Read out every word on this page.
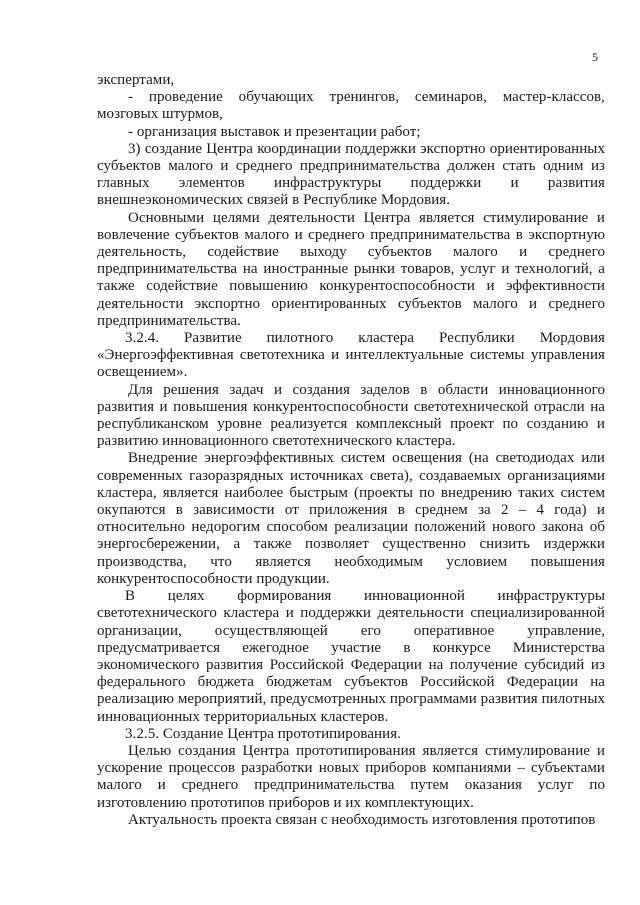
5

экспертами,

- проведение обучающих тренингов, семинаров, мастер-классов, мозговых штурмов,

- организация выставок и презентации работ;

3) создание Центра координации поддержки экспортно ориентированных субъектов малого и среднего предпринимательства должен стать одним из главных элементов инфраструктуры поддержки и развития внешнеэкономических связей в Республике Мордовия.

Основными целями деятельности Центра является стимулирование и вовлечение субъектов малого и среднего предпринимательства в экспортную деятельность, содействие выходу субъектов малого и среднего предпринимательства на иностранные рынки товаров, услуг и технологий, а также содействие повышению конкурентоспособности и эффективности деятельности экспортно ориентированных субъектов малого и среднего предпринимательства.

3.2.4. Развитие пилотного кластера Республики Мордовия «Энергоэффективная светотехника и интеллектуальные системы управления освещением».

Для решения задач и создания заделов в области инновационного развития и повышения конкурентоспособности светотехнической отрасли на республиканском уровне реализуется комплексный проект по созданию и развитию инновационного светотехнического кластера.

Внедрение энергоэффективных систем освещения (на светодиодах или современных газоразрядных источниках света), создаваемых организациями кластера, является наиболее быстрым (проекты по внедрению таких систем окупаются в зависимости от приложения в среднем за 2 – 4 года) и относительно недорогим способом реализации положений нового закона об энергосбережении, а также позволяет существенно снизить издержки производства, что является необходимым условием повышения конкурентоспособности продукции.

В целях формирования инновационной инфраструктуры светотехнического кластера и поддержки деятельности специализированной организации, осуществляющей его оперативное управление, предусматривается ежегодное участие в конкурсе Министерства экономического развития Российской Федерации на получение субсидий из федерального бюджета бюджетам субъектов Российской Федерации на реализацию мероприятий, предусмотренных программами развития пилотных инновационных территориальных кластеров.

3.2.5. Создание Центра прототипирования.

Целью создания Центра прототипирования является стимулирование и ускорение процессов разработки новых приборов компаниями – субъектами малого и среднего предпринимательства путем оказания услуг по изготовлению прототипов приборов и их комплектующих.

Актуальность проекта связан с необходимость изготовления прототипов
